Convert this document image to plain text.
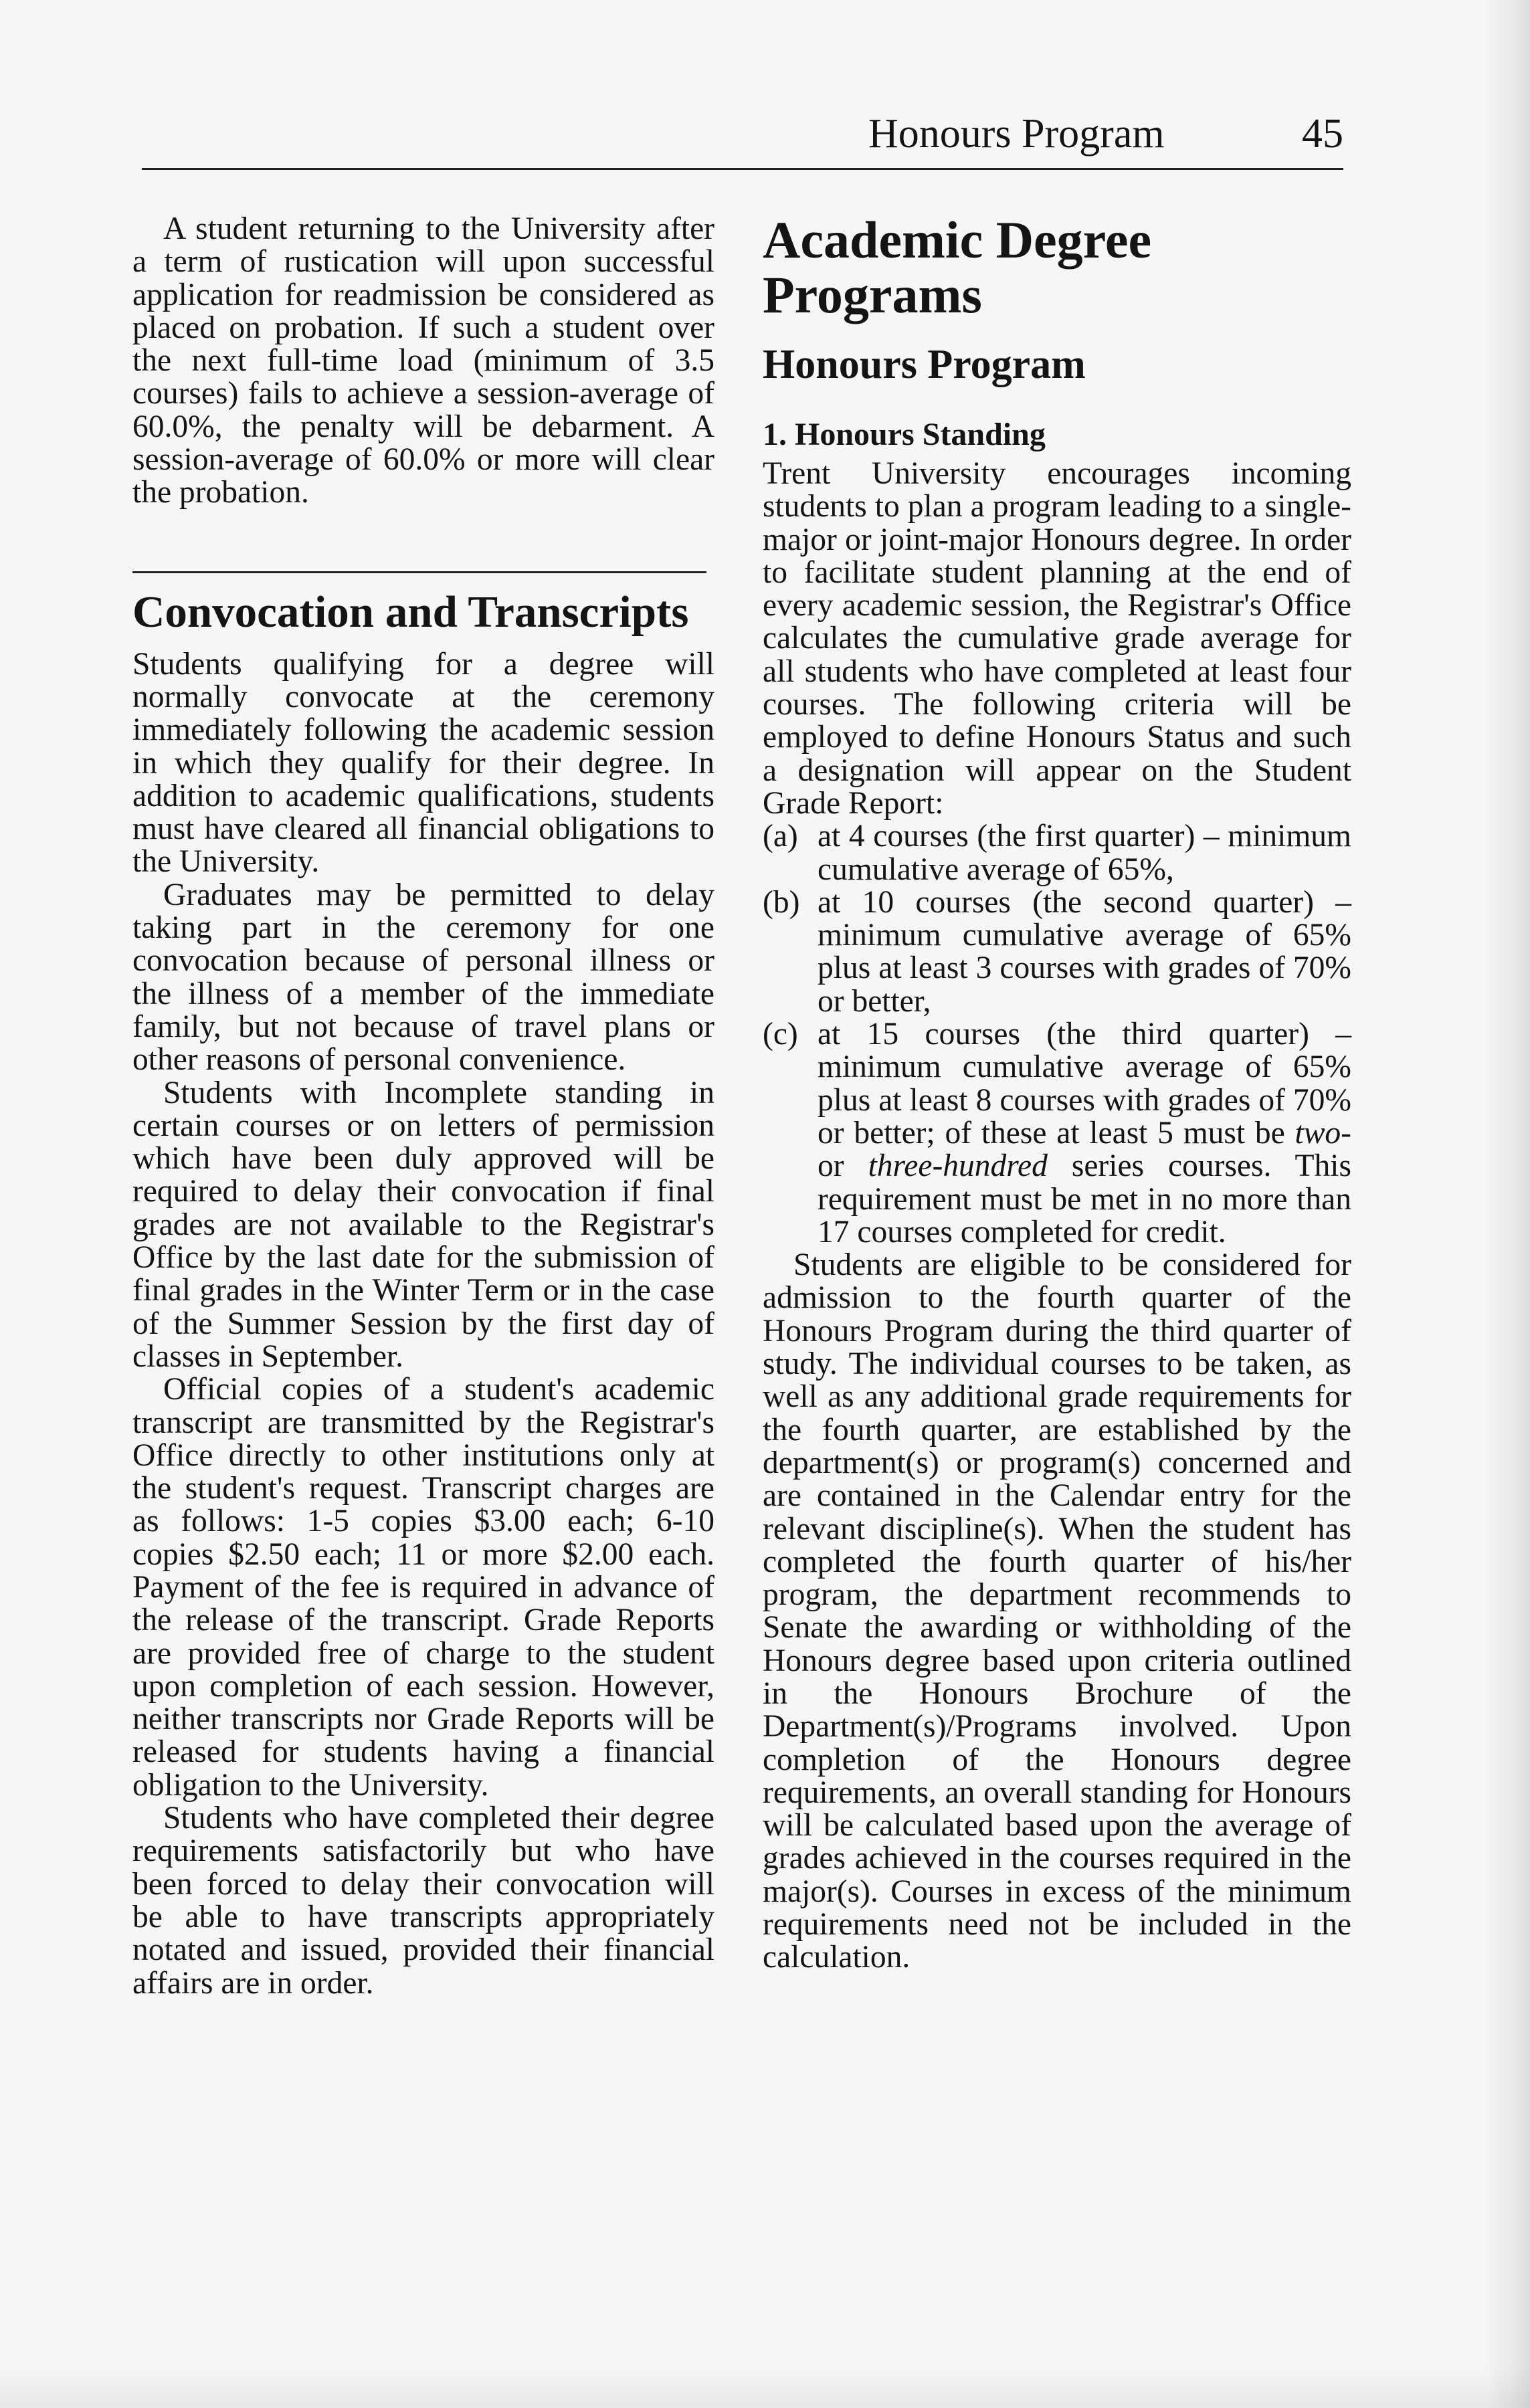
Honours Program	45

A student returning to the University after a term of rustication will upon successful application for readmission be considered as placed on probation. If such a student over the next full-time load (minimum of 3.5 courses) fails to achieve a session-average of 60.0%, the penalty will be debarment. A session-average of 60.0% or more will clear the probation.

Convocation and Transcripts

Students qualifying for a degree will normally convocate at the ceremony immediately following the academic session in which they qualify for their degree. In addition to academic qualifications, students must have cleared all financial obligations to the University.

Graduates may be permitted to delay taking part in the ceremony for one convocation because of personal illness or the illness of a member of the immediate family, but not because of travel plans or other reasons of personal convenience.

Students with Incomplete standing in certain courses or on letters of permission which have been duly approved will be required to delay their convocation if final grades are not available to the Registrar's Office by the last date for the submission of final grades in the Winter Term or in the case of the Summer Session by the first day of classes in September.

Official copies of a student's academic transcript are transmitted by the Registrar's Office directly to other institutions only at the student's request. Transcript charges are as follows: 1-5 copies $3.00 each; 6-10 copies $2.50 each; 11 or more $2.00 each. Payment of the fee is required in advance of the release of the transcript. Grade Reports are provided free of charge to the student upon completion of each session. However, neither transcripts nor Grade Reports will be released for students having a financial obligation to the University.

Students who have completed their degree requirements satisfactorily but who have been forced to delay their convocation will be able to have transcripts appropriately notated and issued, provided their financial affairs are in order.

Academic Degree Programs
Honours Program
1. Honours Standing

Trent University encourages incoming students to plan a program leading to a single-major or joint-major Honours degree. In order to facilitate student planning at the end of every academic session, the Registrar's Office calculates the cumulative grade average for all students who have completed at least four courses. The following criteria will be employed to define Honours Status and such a designation will appear on the Student Grade Report:

(a) at 4 courses (the first quarter) – minimum cumulative average of 65%,
(b) at 10 courses (the second quarter) – minimum cumulative average of 65% plus at least 3 courses with grades of 70% or better,
(c) at 15 courses (the third quarter) – minimum cumulative average of 65% plus at least 8 courses with grades of 70% or better; of these at least 5 must be two- or three-hundred series courses. This requirement must be met in no more than 17 courses completed for credit.

Students are eligible to be considered for admission to the fourth quarter of the Honours Program during the third quarter of study. The individual courses to be taken, as well as any additional grade requirements for the fourth quarter, are established by the department(s) or program(s) concerned and are contained in the Calendar entry for the relevant discipline(s). When the student has completed the fourth quarter of his/her program, the department recommends to Senate the awarding or withholding of the Honours degree based upon criteria outlined in the Honours Brochure of the Department(s)/Programs involved. Upon completion of the Honours degree requirements, an overall standing for Honours will be calculated based upon the average of grades achieved in the courses required in the major(s). Courses in excess of the minimum requirements need not be included in the calculation.
